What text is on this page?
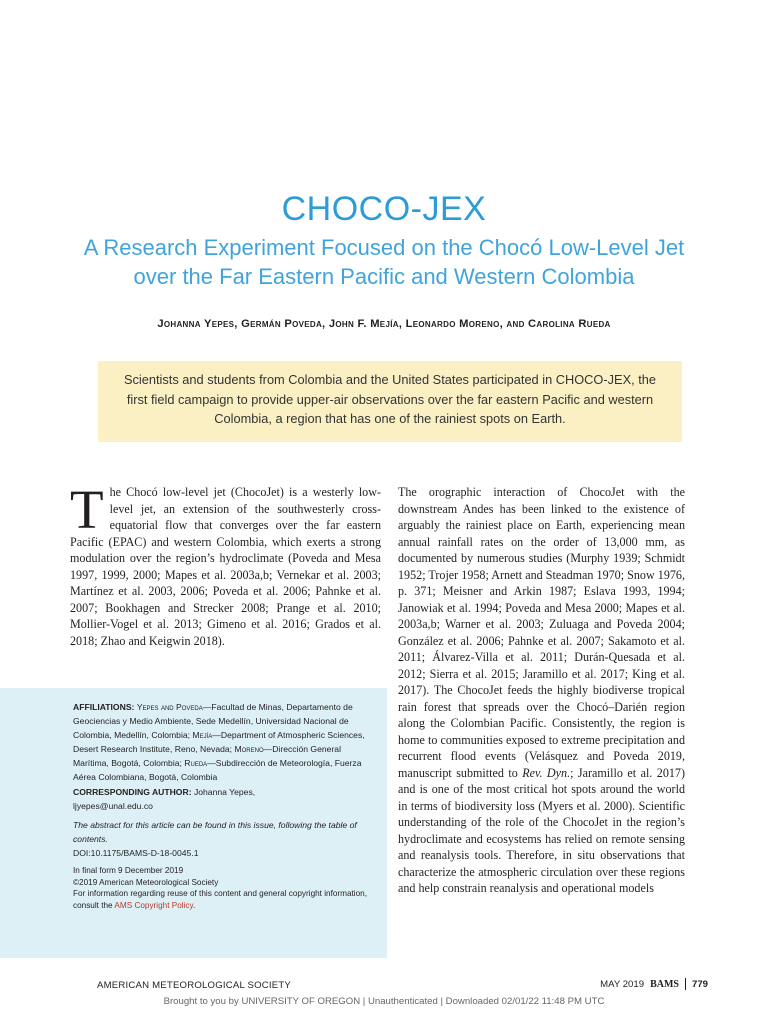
CHOCO-JEX
A Research Experiment Focused on the Chocó Low-Level Jet over the Far Eastern Pacific and Western Colombia
Johanna Yepes, Germán Poveda, John F. Mejía, Leonardo Moreno, and Carolina Rueda

Scientists and students from Colombia and the United States participated in CHOCO-JEX, the first field campaign to provide upper-air observations over the far eastern Pacific and western Colombia, a region that has one of the rainiest spots on Earth.

The Chocó low-level jet (ChocoJet) is a westerly low-level jet, an extension of the southwesterly cross-equatorial flow that converges over the far eastern Pacific (EPAC) and western Colombia, which exerts a strong modulation over the region’s hydroclimate (Poveda and Mesa 1997, 1999, 2000; Mapes et al. 2003a,b; Vernekar et al. 2003; Martínez et al. 2003, 2006; Poveda et al. 2006; Pahnke et al. 2007; Bookhagen and Strecker 2008; Prange et al. 2010; Mollier-Vogel et al. 2013; Gimeno et al. 2016; Grados et al. 2018; Zhao and Keigwin 2018).

The orographic interaction of ChocoJet with the downstream Andes has been linked to the existence of arguably the rainiest place on Earth, experiencing mean annual rainfall rates on the order of 13,000 mm, as documented by numerous studies (Murphy 1939; Schmidt 1952; Trojer 1958; Arnett and Steadman 1970; Snow 1976, p. 371; Meisner and Arkin 1987; Eslava 1993, 1994; Janowiak et al. 1994; Poveda and Mesa 2000; Mapes et al. 2003a,b; Warner et al. 2003; Zuluaga and Poveda 2004; González et al. 2006; Pahnke et al. 2007; Sakamoto et al. 2011; Álvarez-Villa et al. 2011; Durán-Quesada et al. 2012; Sierra et al. 2015; Jaramillo et al. 2017; King et al. 2017). The ChocoJet feeds the highly biodiverse tropical rain forest that spreads over the Chocó–Darién region along the Colombian Pacific. Consistently, the region is home to communities exposed to extreme precipitation and recurrent flood events (Velásquez and Poveda 2019, manuscript submitted to Rev. Dyn.; Jaramillo et al. 2017) and is one of the most critical hot spots around the world in terms of biodiversity loss (Myers et al. 2000). Scientific understanding of the role of the ChocoJet in the region’s hydroclimate and ecosystems has relied on remote sensing and reanalysis tools. Therefore, in situ observations that characterize the atmospheric circulation over these regions and help constrain reanalysis and operational models

AFFILIATIONS: Yepes and Poveda—Facultad de Minas, Departamento de Geociencias y Medio Ambiente, Sede Medellín, Universidad Nacional de Colombia, Medellín, Colombia; Mejía—Department of Atmospheric Sciences, Desert Research Institute, Reno, Nevada; Moreno—Dirección General Marítima, Bogotá, Colombia; Rueda—Subdirección de Meteorología, Fuerza Aérea Colombiana, Bogotá, Colombia

CORRESPONDING AUTHOR: Johanna Yepes,
ljyepes@unal.edu.co

The abstract for this article can be found in this issue, following the table of contents.

DOI:10.1175/BAMS-D-18-0045.1

In final form 9 December 2019

©2019 American Meteorological Society

For information regarding reuse of this content and general copyright information, consult the AMS Copyright Policy.

AMERICAN METEOROLOGICAL SOCIETY	MAY 2019 BAMS 779
Brought to you by UNIVERSITY OF OREGON | Unauthenticated | Downloaded 02/01/22 11:48 PM UTC
